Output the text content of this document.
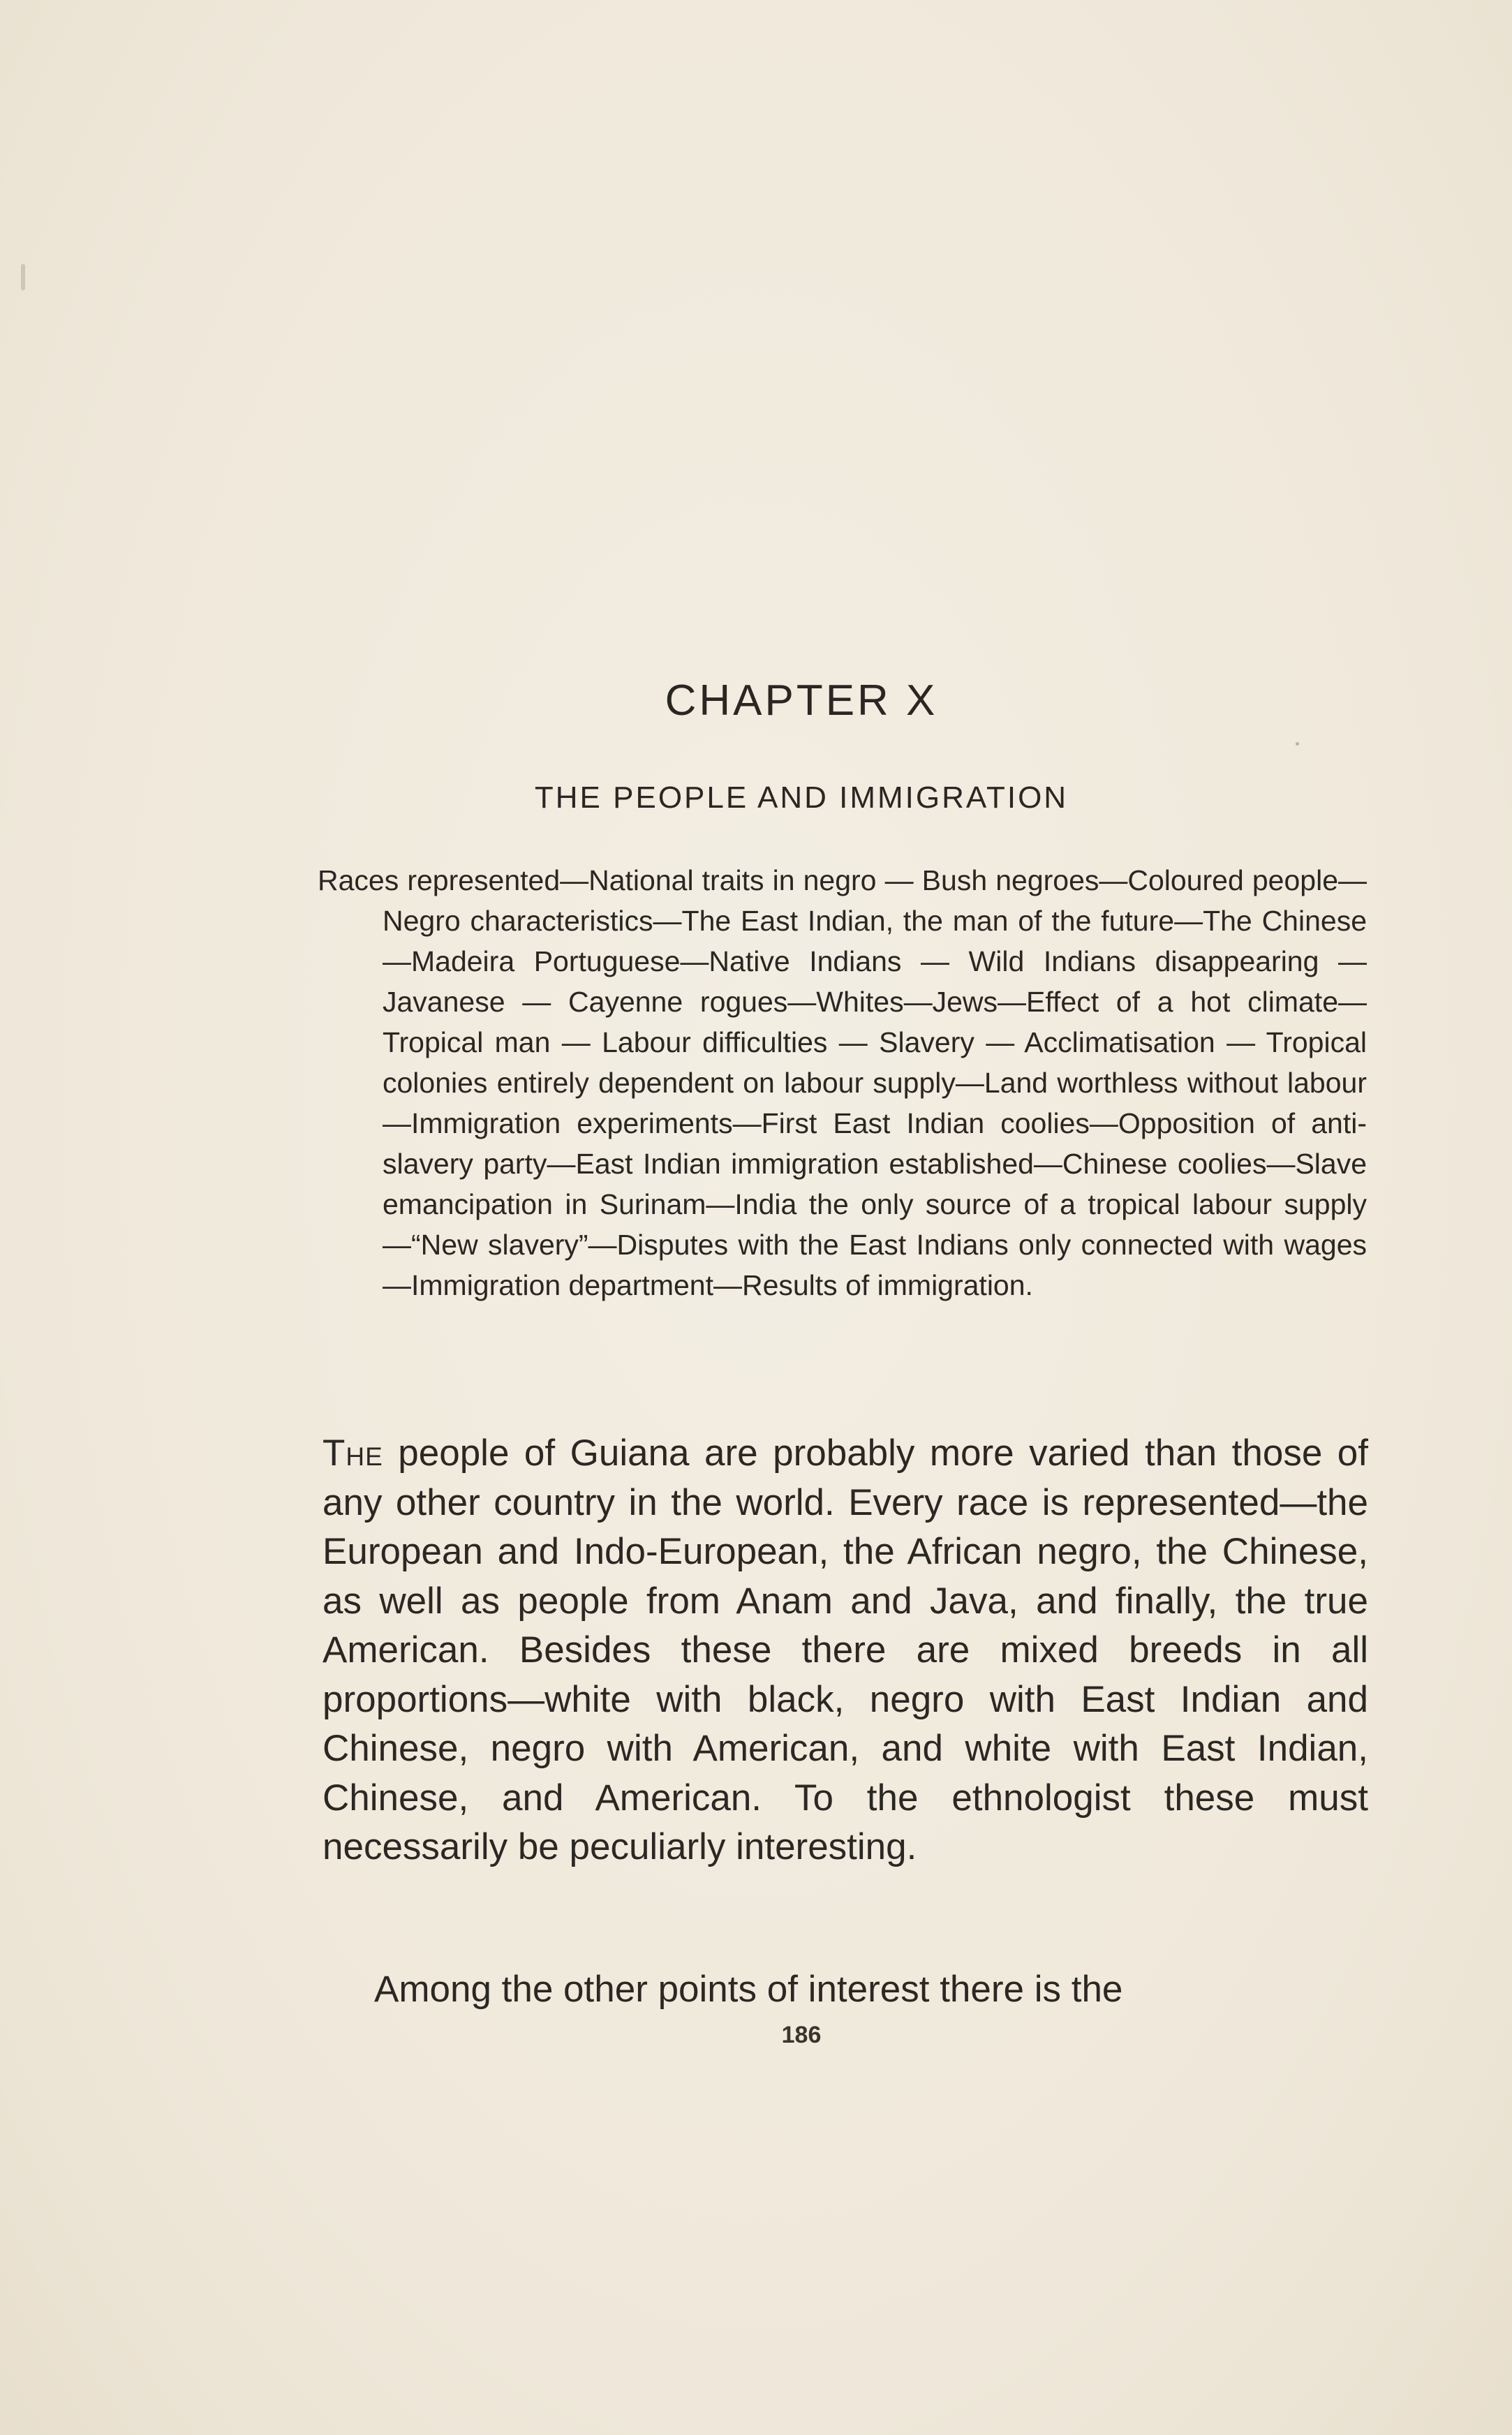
CHAPTER X
THE PEOPLE AND IMMIGRATION
Races represented—National traits in negro — Bush negroes—Coloured people—Negro characteristics—The East Indian, the man of the future—The Chinese—Madeira Portuguese—Native Indians — Wild Indians disappearing — Javanese — Cayenne rogues—Whites—Jews—Effect of a hot climate—Tropical man — Labour difficulties — Slavery — Acclimatisation — Tropical colonies entirely dependent on labour supply—Land worthless without labour—Immigration experiments—First East Indian coolies—Opposition of anti-slavery party—East Indian immigration established—Chinese coolies—Slave emancipation in Surinam—India the only source of a tropical labour supply—“New slavery”—Disputes with the East Indians only connected with wages—Immigration department—Results of immigration.
The people of Guiana are probably more varied than those of any other country in the world. Every race is represented—the European and Indo-European, the African negro, the Chinese, as well as people from Anam and Java, and finally, the true American. Besides these there are mixed breeds in all proportions—white with black, negro with East Indian and Chinese, negro with American, and white with East Indian, Chinese, and American. To the ethnologist these must necessarily be peculiarly interesting.
Among the other points of interest there is the
186
